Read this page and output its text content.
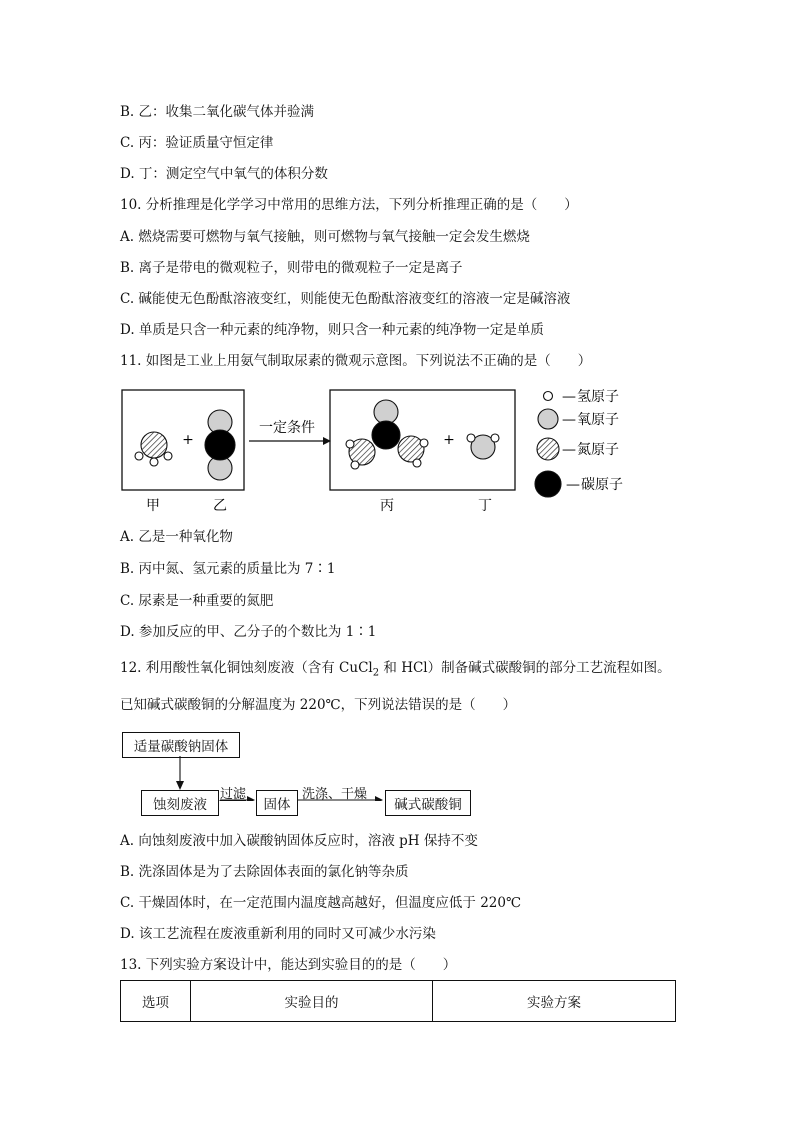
B. 乙：收集二氧化碳气体并验满
C. 丙：验证质量守恒定律
D. 丁：测定空气中氧气的体积分数
10. 分析推理是化学学习中常用的思维方法，下列分析推理正确的是（　　）
A. 燃烧需要可燃物与氧气接触，则可燃物与氧气接触一定会发生燃烧
B. 离子是带电的微观粒子，则带电的微观粒子一定是离子
C. 碱能使无色酚酞溶液变红，则能使无色酚酞溶液变红的溶液一定是碱溶液
D. 单质是只含一种元素的纯净物，则只含一种元素的纯净物一定是单质
11. 如图是工业上用氨气制取尿素的微观示意图。下列说法不正确的是（　　）
+
甲	乙
一定条件
+
丙	丁
— 氢原子
— 氧原子
— 氮原子
— 碳原子
A. 乙是一种氧化物
B. 丙中氮、氢元素的质量比为 7∶1
C. 尿素是一种重要的氮肥
D. 参加反应的甲、乙分子的个数比为 1∶1
12. 利用酸性氧化铜蚀刻废液（含有 CuCl$_2$ 和 HCl）制备碱式碳酸铜的部分工艺流程如图。
已知碱式碳酸铜的分解温度为 220℃，下列说法错误的是（　　）
适量碳酸钠固体
蚀刻废液
过滤
固体
洗涤、干燥
碱式碳酸铜
A. 向蚀刻废液中加入碳酸钠固体反应时，溶液 pH 保持不变
B. 洗涤固体是为了去除固体表面的氯化钠等杂质
C. 干燥固体时，在一定范围内温度越高越好，但温度应低于 220℃
D. 该工艺流程在废液重新利用的同时又可减少水污染
13. 下列实验方案设计中，能达到实验目的的是（　　）
选项	实验目的	实验方案
